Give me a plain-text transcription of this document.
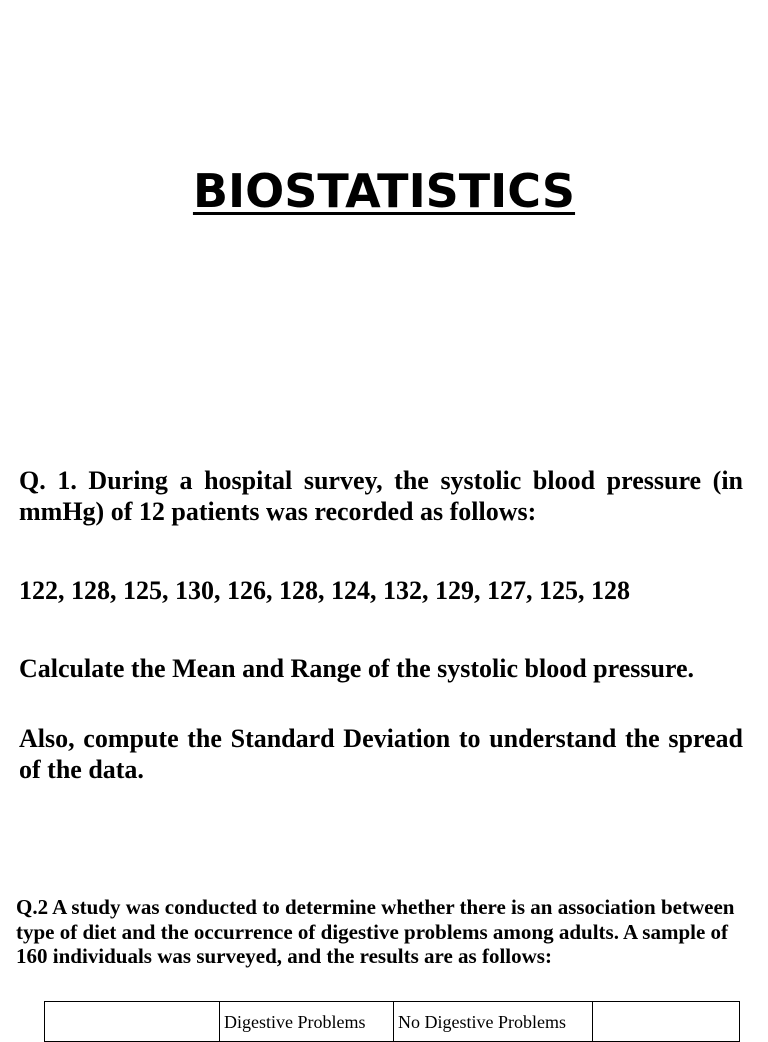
BIOSTATISTICS

Q. 1. During a hospital survey, the systolic blood pressure (in mmHg) of 12 patients was recorded as follows:

122, 128, 125, 130, 126, 128, 124, 132, 129, 127, 125, 128

Calculate the Mean and Range of the systolic blood pressure.

Also, compute the Standard Deviation to understand the spread of the data.

Q.2 A study was conducted to determine whether there is an association between type of diet and the occurrence of digestive problems among adults. A sample of 160 individuals was surveyed, and the results are as follows:

	Digestive Problems	No Digestive Problems	
